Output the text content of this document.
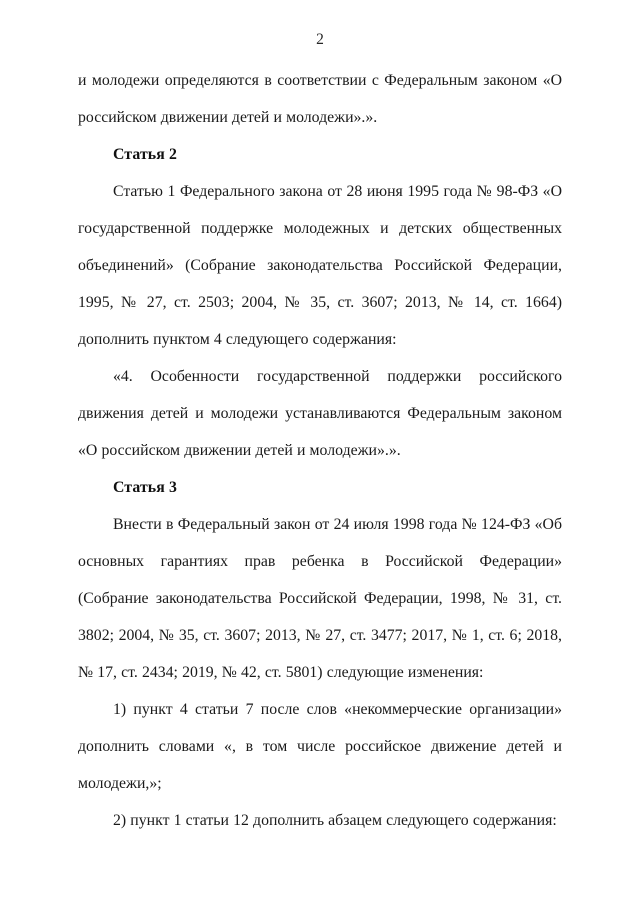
2

и молодежи определяются в соответствии с Федеральным законом «О российском движении детей и молодежи».».

Статья 2

Статью 1 Федерального закона от 28 июня 1995 года № 98-ФЗ «О государственной поддержке молодежных и детских общественных объединений» (Собрание законодательства Российской Федерации, 1995, № 27, ст. 2503; 2004, № 35, ст. 3607; 2013, № 14, ст. 1664) дополнить пунктом 4 следующего содержания:

«4. Особенности государственной поддержки российского движения детей и молодежи устанавливаются Федеральным законом «О российском движении детей и молодежи».».

Статья 3

Внести в Федеральный закон от 24 июля 1998 года № 124-ФЗ «Об основных гарантиях прав ребенка в Российской Федерации» (Собрание законодательства Российской Федерации, 1998, № 31, ст. 3802; 2004, № 35, ст. 3607; 2013, № 27, ст. 3477; 2017, № 1, ст. 6; 2018, № 17, ст. 2434; 2019, № 42, ст. 5801) следующие изменения:

1) пункт 4 статьи 7 после слов «некоммерческие организации» дополнить словами «, в том числе российское движение детей и молодежи,»;

2) пункт 1 статьи 12 дополнить абзацем следующего содержания:
